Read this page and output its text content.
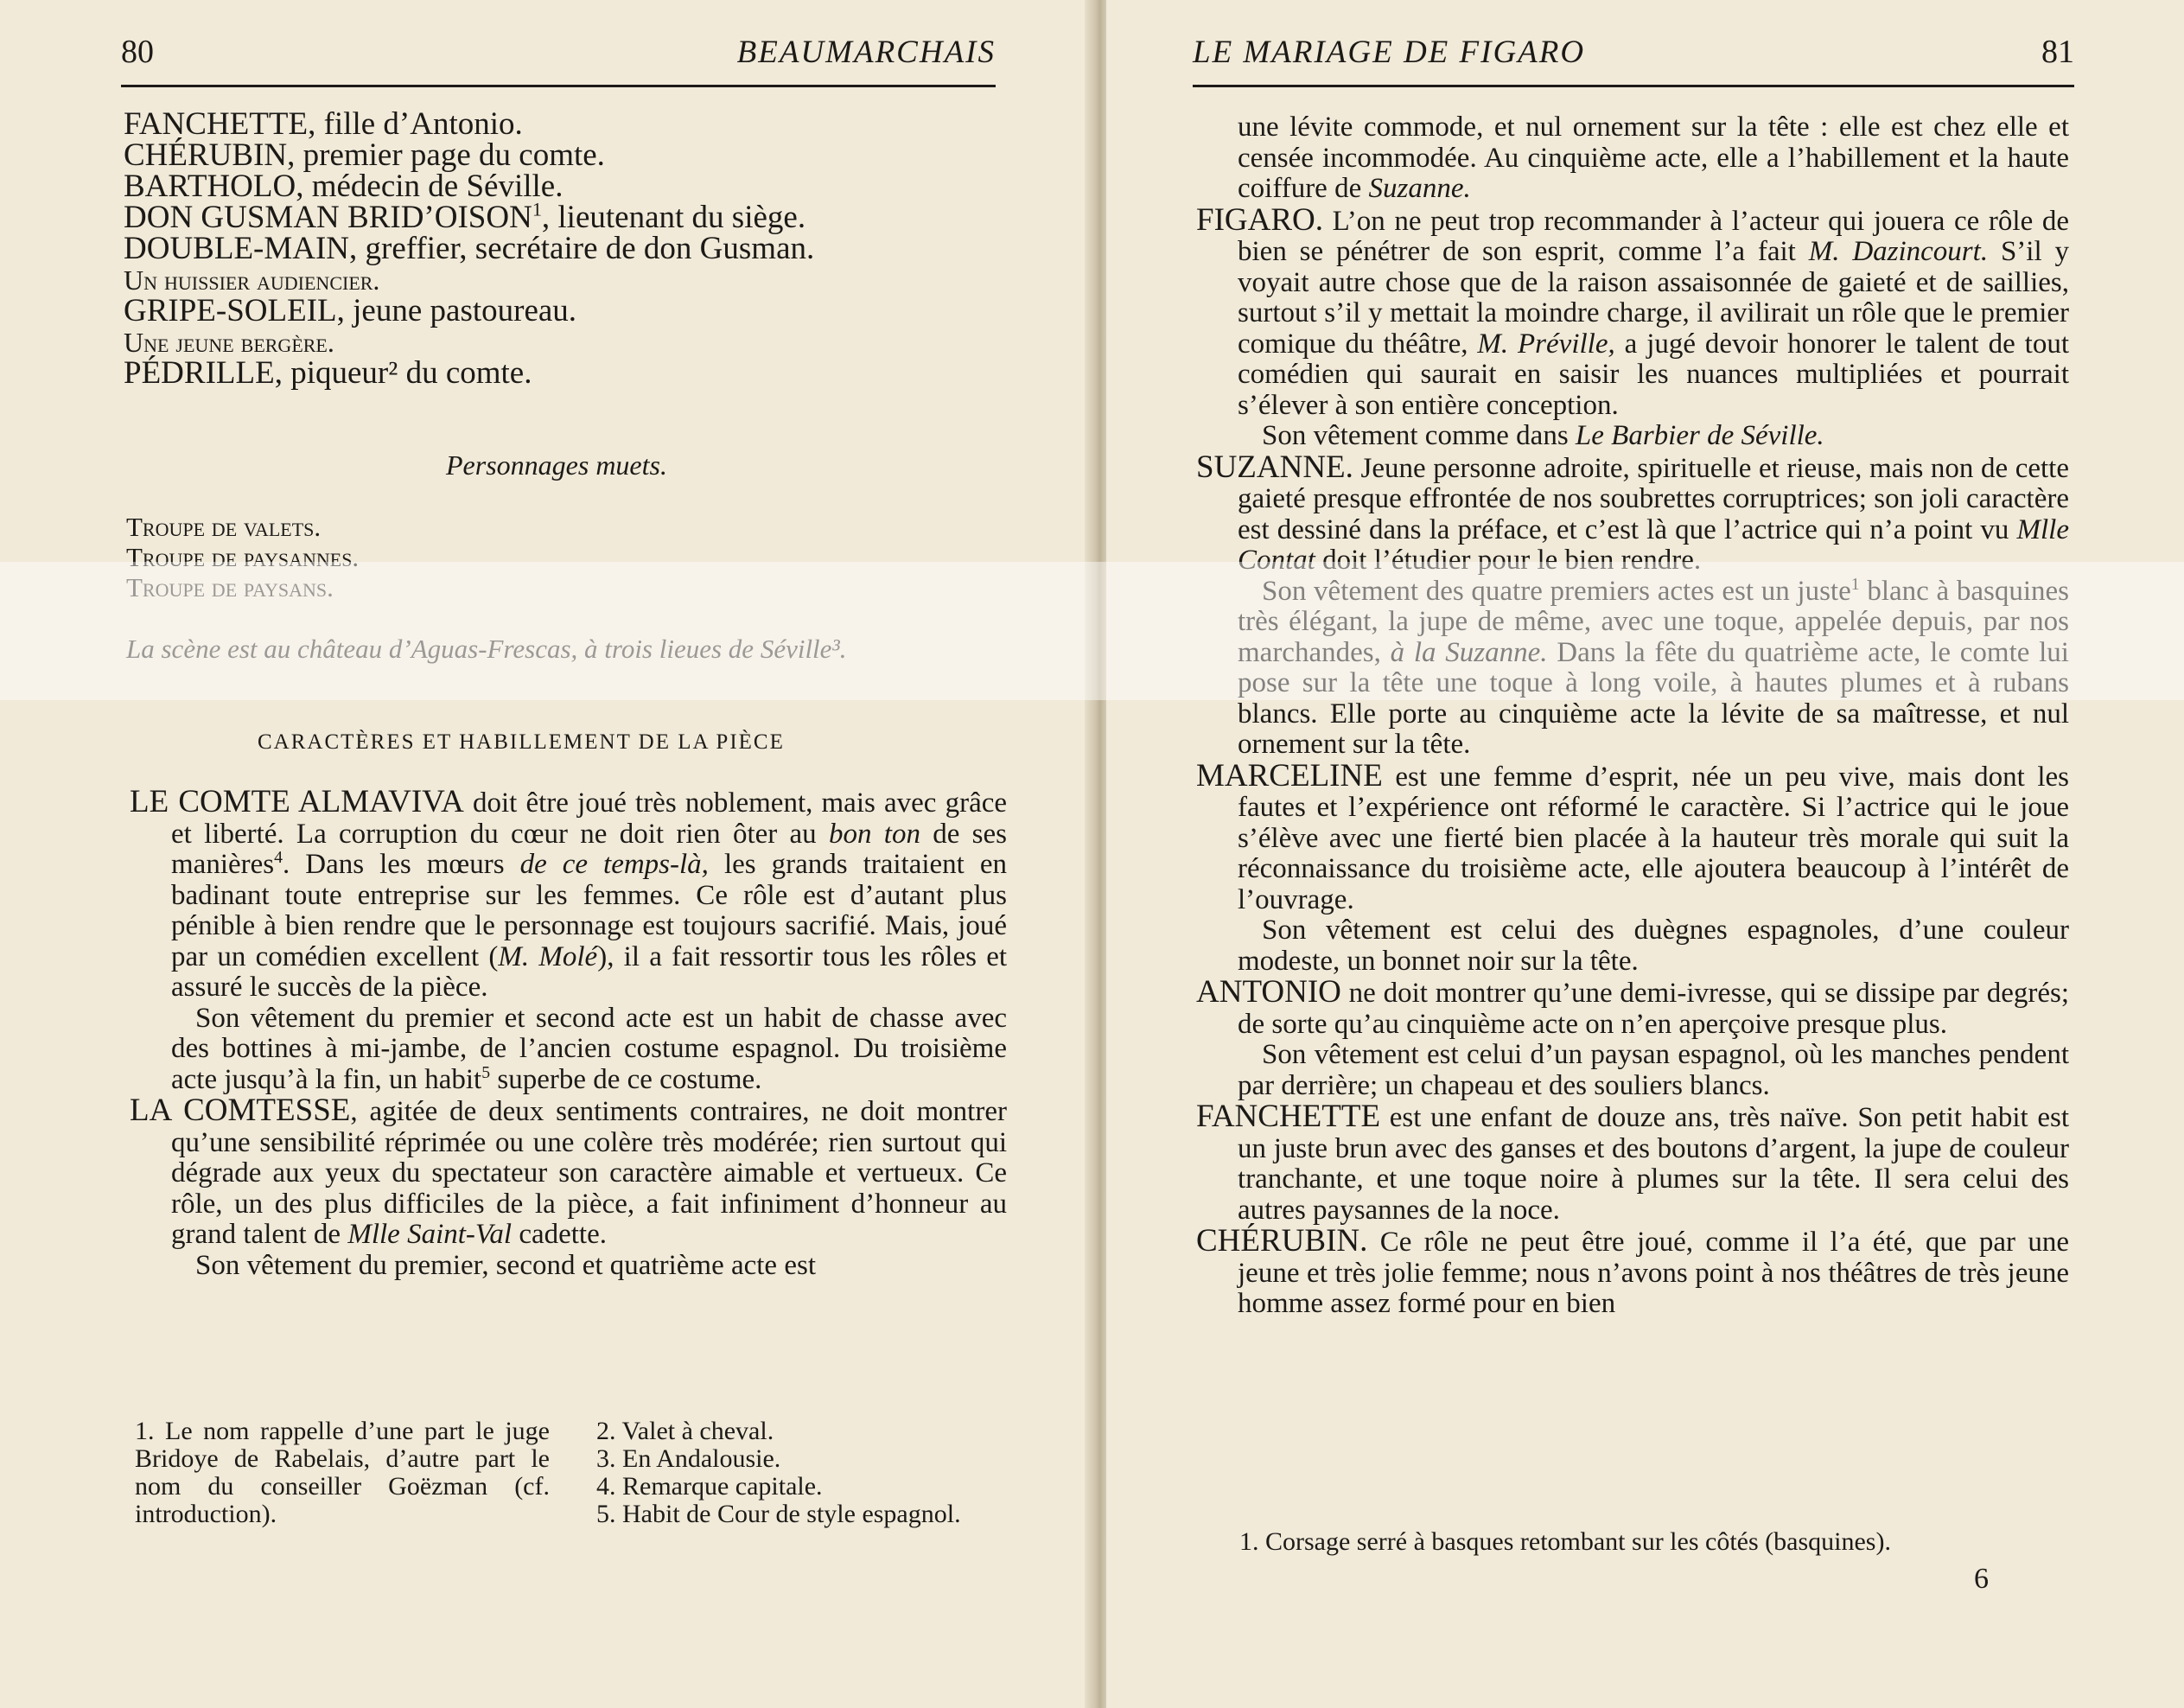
80	BEAUMARCHAIS
FANCHETTE, fille d’Antonio.
CHÉRUBIN, premier page du comte.
BARTHOLO, médecin de Séville.
DON GUSMAN BRID’OISON$^1$, lieutenant du siège.
DOUBLE-MAIN, greffier, secrétaire de don Gusman.
Un huissier audiencier.
GRIPE-SOLEIL, jeune pastoureau.
Une jeune bergère.
PÉDRILLE, piqueur² du comte.
Personnages muets.
Troupe de valets.
Troupe de paysannes.
Troupe de paysans.
La scène est au château d’Aguas-Frescas, à trois lieues de Séville³.
CARACTÈRES ET HABILLEMENT DE LA PIÈCE

LE COMTE ALMAVIVA doit être joué très noblement, mais avec grâce et liberté. La corruption du cœur ne doit rien ôter au bon ton de ses manières$^4$. Dans les mœurs de ce temps-là, les grands traitaient en badinant toute entreprise sur les femmes. Ce rôle est d’autant plus pénible à bien rendre que le personnage est toujours sacrifié. Mais, joué par un comédien excellent (M. Molé), il a fait ressortir tous les rôles et assuré le succès de la pièce.

Son vêtement du premier et second acte est un habit de chasse avec des bottines à mi-jambe, de l’ancien costume espagnol. Du troisième acte jusqu’à la fin, un habit$^5$ superbe de ce costume.

LA COMTESSE, agitée de deux sentiments contraires, ne doit montrer qu’une sensibilité réprimée ou une colère très modérée; rien surtout qui dégrade aux yeux du spectateur son caractère aimable et vertueux. Ce rôle, un des plus difficiles de la pièce, a fait infiniment d’honneur au grand talent de Mlle Saint-Val cadette.

Son vêtement du premier, second et quatrième acte est

1. Le nom rappelle d’une part le juge Bridoye de Rabelais, d’autre part le nom du conseiller Goëzman (cf. introduction).

2. Valet à cheval.

3. En Andalousie.

4. Remarque capitale.

5. Habit de Cour de style espagnol.

LE MARIAGE DE FIGARO	81

une lévite commode, et nul ornement sur la tête : elle est chez elle et censée incommodée. Au cinquième acte, elle a l’habillement et la haute coiffure de Suzanne.

FIGARO. L’on ne peut trop recommander à l’acteur qui jouera ce rôle de bien se pénétrer de son esprit, comme l’a fait M. Dazincourt. S’il y voyait autre chose que de la raison assaisonnée de gaieté et de saillies, surtout s’il y mettait la moindre charge, il avilirait un rôle que le premier comique du théâtre, M. Préville, a jugé devoir honorer le talent de tout comédien qui saurait en saisir les nuances multipliées et pourrait s’élever à son entière conception.

Son vêtement comme dans Le Barbier de Séville.

SUZANNE. Jeune personne adroite, spirituelle et rieuse, mais non de cette gaieté presque effrontée de nos soubrettes corruptrices; son joli caractère est dessiné dans la préface, et c’est là que l’actrice qui n’a point vu Mlle Contat doit l’étudier pour le bien rendre.

Son vêtement des quatre premiers actes est un juste$^1$ blanc à basquines très élégant, la jupe de même, avec une toque, appelée depuis, par nos marchandes, à la Suzanne. Dans la fête du quatrième acte, le comte lui pose sur la tête une toque à long voile, à hautes plumes et à rubans blancs. Elle porte au cinquième acte la lévite de sa maîtresse, et nul ornement sur la tête.

MARCELINE est une femme d’esprit, née un peu vive, mais dont les fautes et l’expérience ont réformé le caractère. Si l’actrice qui le joue s’élève avec une fierté bien placée à la hauteur très morale qui suit la réconnaissance du troisième acte, elle ajoutera beaucoup à l’intérêt de l’ouvrage.

Son vêtement est celui des duègnes espagnoles, d’une couleur modeste, un bonnet noir sur la tête.

ANTONIO ne doit montrer qu’une demi-ivresse, qui se dissipe par degrés; de sorte qu’au cinquième acte on n’en aperçoive presque plus.

Son vêtement est celui d’un paysan espagnol, où les manches pendent par derrière; un chapeau et des souliers blancs.

FANCHETTE est une enfant de douze ans, très naïve. Son petit habit est un juste brun avec des ganses et des boutons d’argent, la jupe de couleur tranchante, et une toque noire à plumes sur la tête. Il sera celui des autres paysannes de la noce.

CHÉRUBIN. Ce rôle ne peut être joué, comme il l’a été, que par une jeune et très jolie femme; nous n’avons point à nos théâtres de très jeune homme assez formé pour en bien

1. Corsage serré à basques retombant sur les côtés (basquines).
6
